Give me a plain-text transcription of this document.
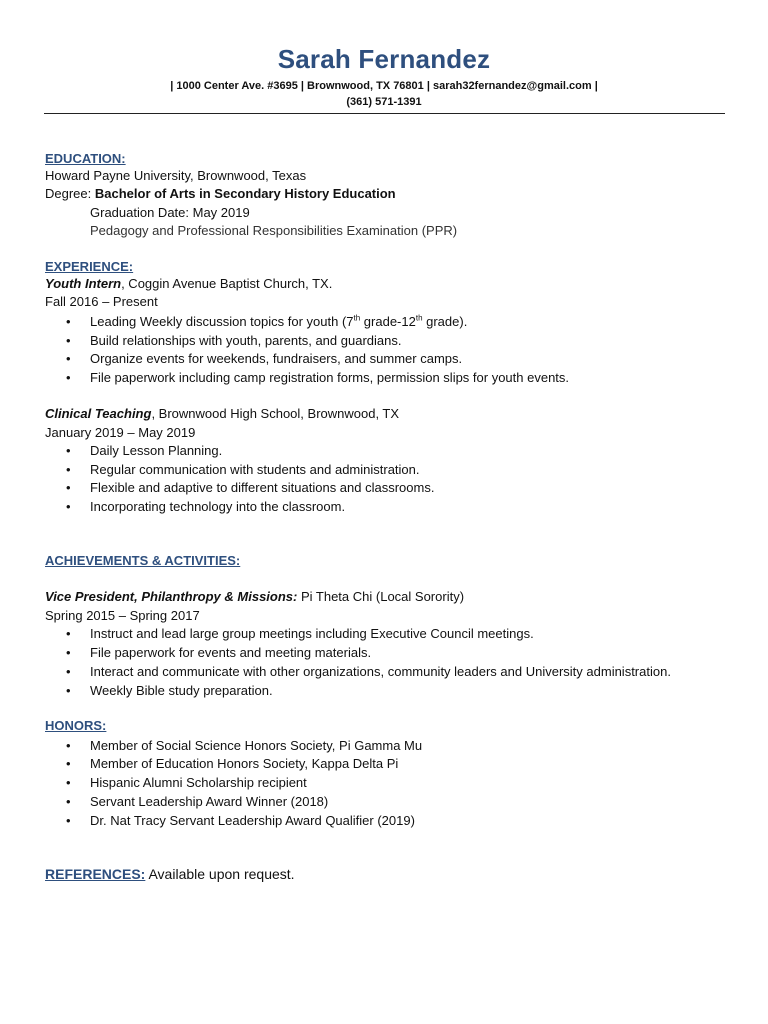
Sarah Fernandez
| 1000 Center Ave. #3695 | Brownwood, TX 76801 | sarah32fernandez@gmail.com |
(361) 571-1391
EDUCATION:
Howard Payne University, Brownwood, Texas
Degree: Bachelor of Arts in Secondary History Education
Graduation Date: May 2019
Pedagogy and Professional Responsibilities Examination (PPR)
EXPERIENCE:
Youth Intern, Coggin Avenue Baptist Church, TX.
Fall 2016 – Present
• Leading Weekly discussion topics for youth (7th grade-12th grade).
• Build relationships with youth, parents, and guardians.
• Organize events for weekends, fundraisers, and summer camps.
• File paperwork including camp registration forms, permission slips for youth events.
Clinical Teaching, Brownwood High School, Brownwood, TX
January 2019 – May 2019
• Daily Lesson Planning.
• Regular communication with students and administration.
• Flexible and adaptive to different situations and classrooms.
• Incorporating technology into the classroom.
ACHIEVEMENTS & ACTIVITIES:
Vice President, Philanthropy & Missions: Pi Theta Chi (Local Sorority)
Spring 2015 – Spring 2017
• Instruct and lead large group meetings including Executive Council meetings.
• File paperwork for events and meeting materials.
• Interact and communicate with other organizations, community leaders and University administration.
• Weekly Bible study preparation.
HONORS:
• Member of Social Science Honors Society, Pi Gamma Mu
• Member of Education Honors Society, Kappa Delta Pi
• Hispanic Alumni Scholarship recipient
• Servant Leadership Award Winner (2018)
• Dr. Nat Tracy Servant Leadership Award Qualifier (2019)
REFERENCES: Available upon request.
